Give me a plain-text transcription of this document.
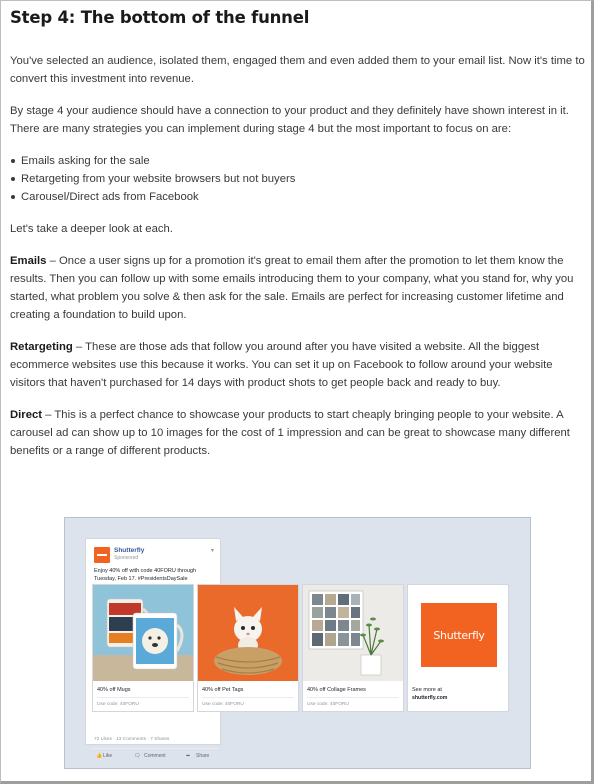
Step 4: The bottom of the funnel

You've selected an audience, isolated them, engaged them and even added them to your email list. Now it's time to convert this investment into revenue.

By stage 4 your audience should have a connection to your product and they definitely have shown interest in it. There are many strategies you can implement during stage 4 but the most important to focus on are:

Emails asking for the sale
Retargeting from your website browsers but not buyers
Carousel/Direct ads from Facebook

Let's take a deeper look at each.

Emails – Once a user signs up for a promotion it's great to email them after the promotion to let them know the results. Then you can follow up with some emails introducing them to your company, what you stand for, why you started, what problem you solve & then ask for the sale. Emails are perfect for increasing customer lifetime and creating a foundation to build upon.

Retargeting – These are those ads that follow you around after you have visited a website. All the biggest ecommerce websites use this because it works. You can set it up on Facebook to follow around your website visitors that haven't purchased for 14 days with product shots to get people back and ready to buy.

Direct – This is a perfect chance to showcase your products to start cheaply bringing people to your website. A carousel ad can show up to 10 images for the cost of 1 impression and can be great to showcase many different benefits or a range of different products.

Shutterfly
Sponsored
▾
Enjoy 40% off with code 40FORU through Tuesday, Feb 17. #PresidentsDaySale
72 Likes · 13 Comments · 7 Shares
👍 Like	🗨 Comment	➦ Share
40% off Mugs
Use code: 40FORU
40% off Pet Tags
Use code: 40FORU
40% off Collage Frames
Use code: 40FORU
Shutterfly
See more at
shutterfly.com
